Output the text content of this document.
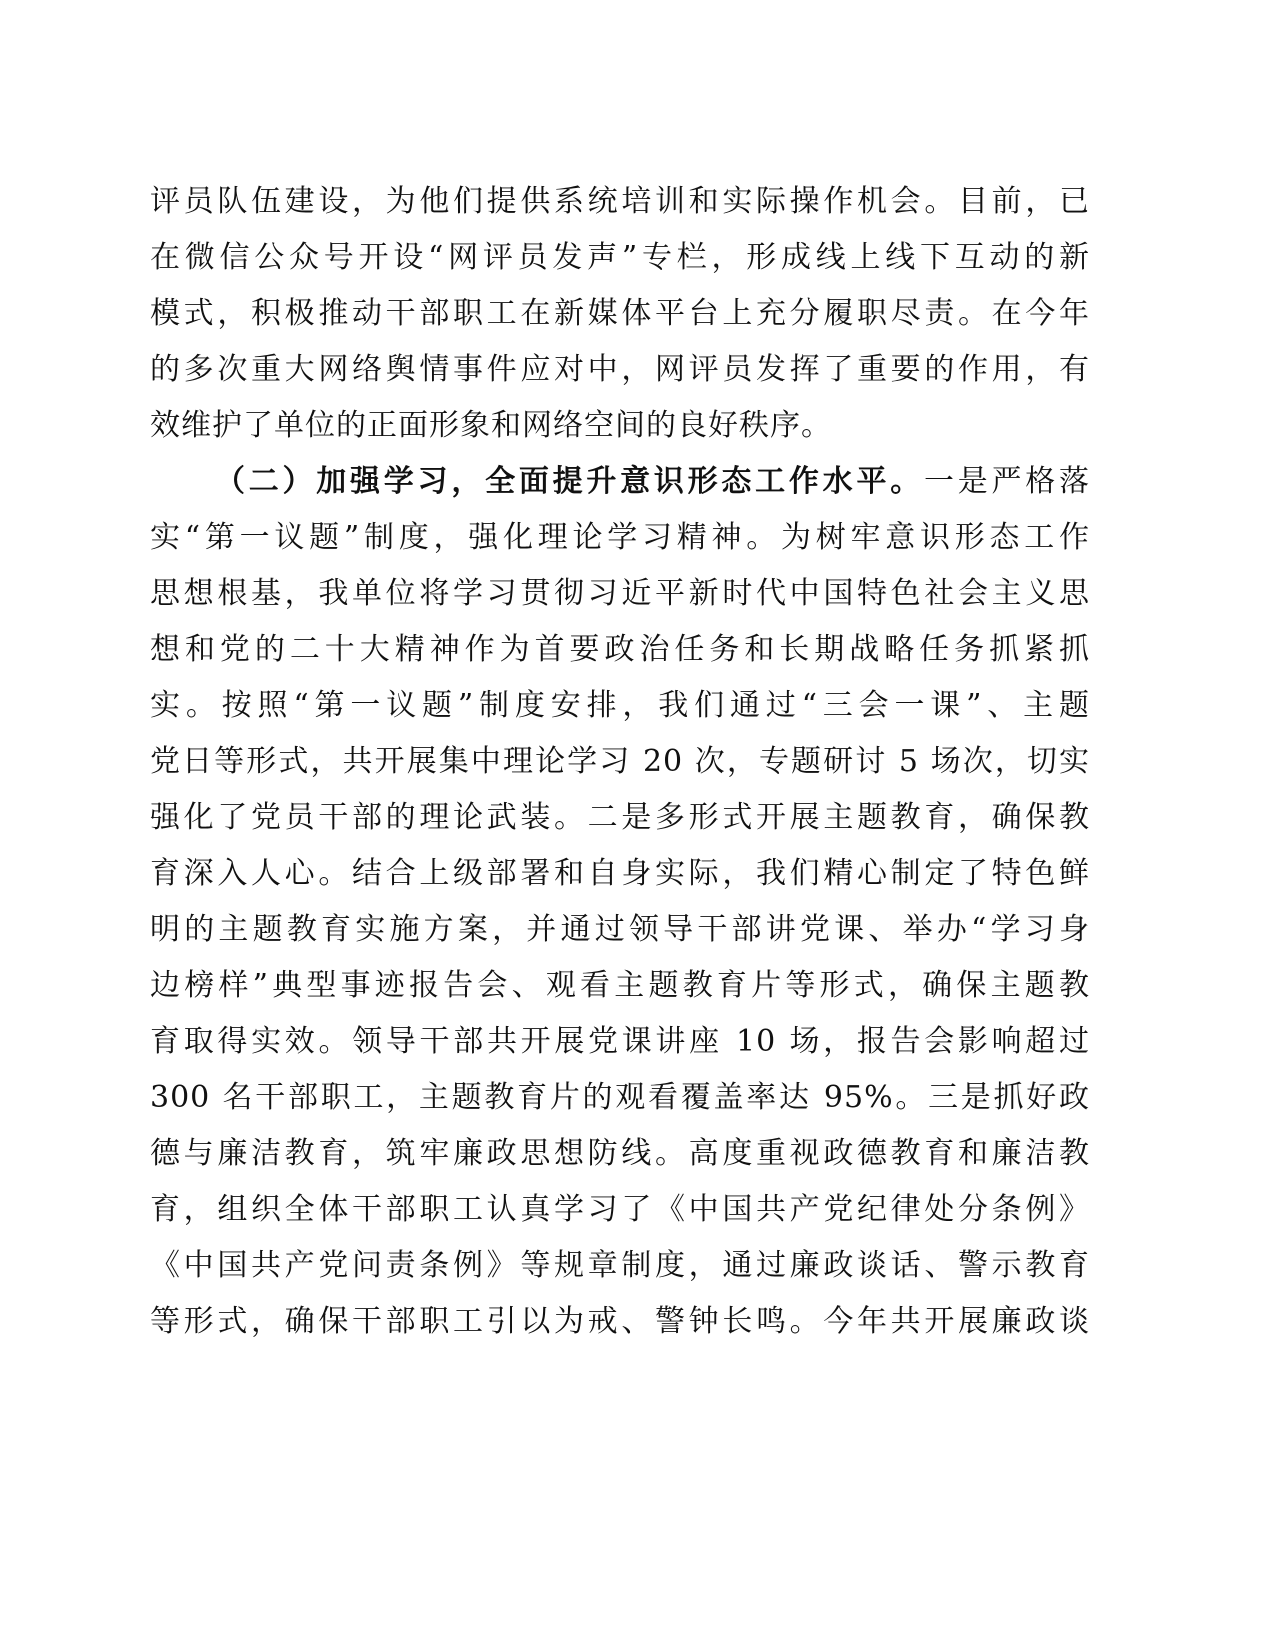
评员队伍建设，为他们提供系统培训和实际操作机会。目前，已
在微信公众号开设“网评员发声”专栏，形成线上线下互动的新
模式，积极推动干部职工在新媒体平台上充分履职尽责。在今年
的多次重大网络舆情事件应对中，网评员发挥了重要的作用，有
效维护了单位的正面形象和网络空间的良好秩序。
（二）加强学习，全面提升意识形态工作水平。一是严格落
实“第一议题”制度，强化理论学习精神。为树牢意识形态工作
思想根基，我单位将学习贯彻习近平新时代中国特色社会主义思
想和党的二十大精神作为首要政治任务和长期战略任务抓紧抓
实。按照“第一议题”制度安排，我们通过“三会一课”、主题
党日等形式，共开展集中理论学习 20 次，专题研讨 5 场次，切实
强化了党员干部的理论武装。二是多形式开展主题教育，确保教
育深入人心。结合上级部署和自身实际，我们精心制定了特色鲜
明的主题教育实施方案，并通过领导干部讲党课、举办“学习身
边榜样”典型事迹报告会、观看主题教育片等形式，确保主题教
育取得实效。领导干部共开展党课讲座 10 场，报告会影响超过
300 名干部职工，主题教育片的观看覆盖率达 95%。三是抓好政
德与廉洁教育，筑牢廉政思想防线。高度重视政德教育和廉洁教
育，组织全体干部职工认真学习了《中国共产党纪律处分条例》
《中国共产党问责条例》等规章制度，通过廉政谈话、警示教育
等形式，确保干部职工引以为戒、警钟长鸣。今年共开展廉政谈
